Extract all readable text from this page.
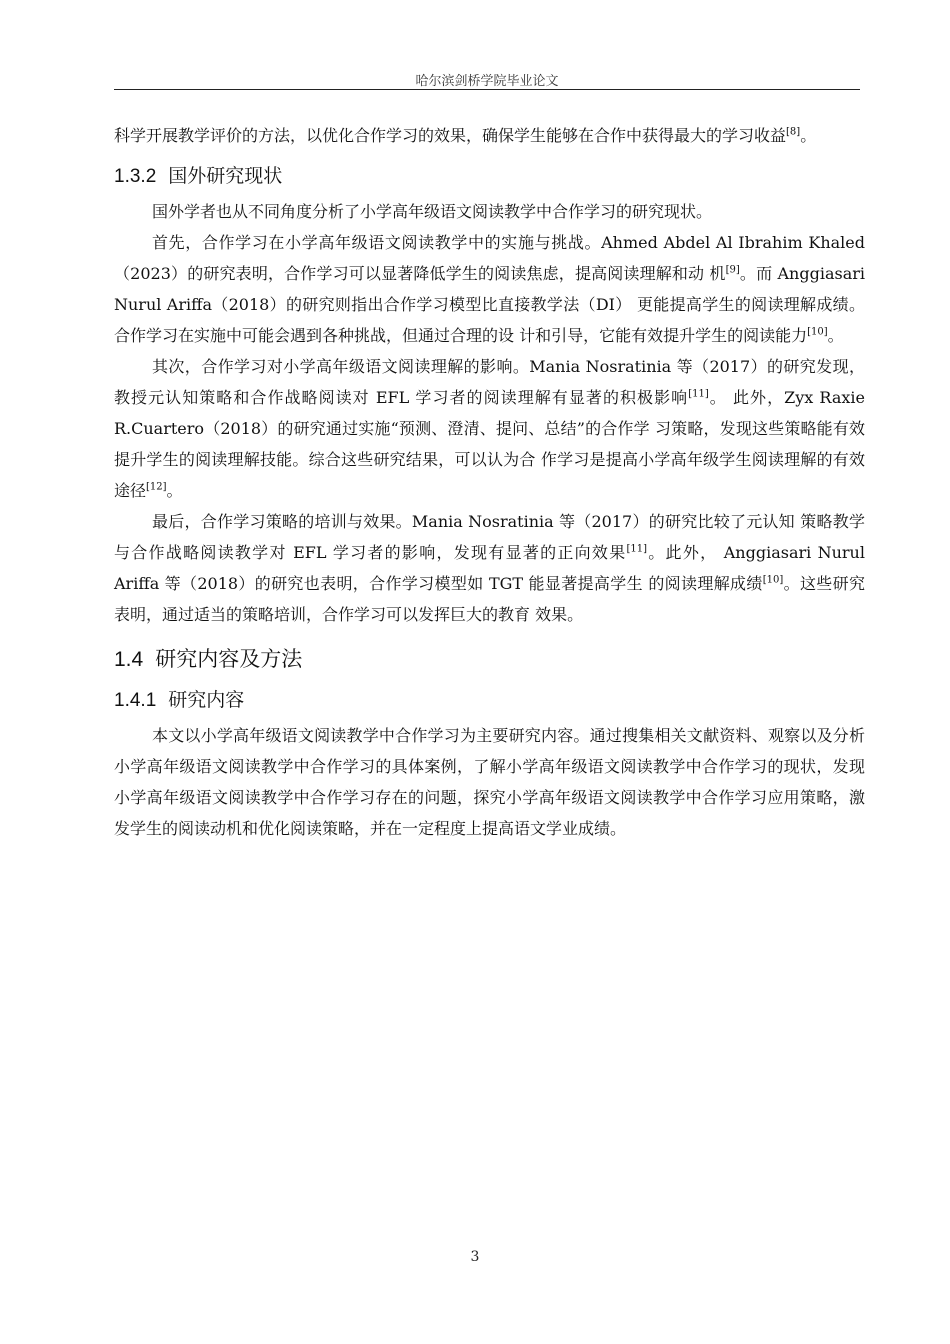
哈尔滨剑桥学院毕业论文

科学开展教学评价的方法，以优化合作学习的效果，确保学生能够在合作中获得最大的学习收益[8]。

1.3.2 国外研究现状

国外学者也从不同角度分析了小学高年级语文阅读教学中合作学习的研究现状。

首先，合作学习在小学高年级语文阅读教学中的实施与挑战。Ahmed Abdel Al Ibrahim Khaled（2023）的研究表明，合作学习可以显著降低学生的阅读焦虑，提高阅读理解和动 机[9]。而 Anggiasari Nurul Ariffa（2018）的研究则指出合作学习模型比直接教学法（DI） 更能提高学生的阅读理解成绩。合作学习在实施中可能会遇到各种挑战，但通过合理的设 计和引导，它能有效提升学生的阅读能力[10]。

其次，合作学习对小学高年级语文阅读理解的影响。Mania Nosratinia 等（2017）的研究发现，教授元认知策略和合作战略阅读对 EFL 学习者的阅读理解有显著的积极影响[11]。 此外，Zyx Raxie R.Cuartero（2018）的研究通过实施“预测、澄清、提问、总结”的合作学 习策略，发现这些策略能有效提升学生的阅读理解技能。综合这些研究结果，可以认为合 作学习是提高小学高年级学生阅读理解的有效途径[12]。

最后，合作学习策略的培训与效果。Mania Nosratinia 等（2017）的研究比较了元认知 策略教学与合作战略阅读教学对 EFL 学习者的影响，发现有显著的正向效果[11]。此外， Anggiasari Nurul Ariffa 等（2018）的研究也表明，合作学习模型如 TGT 能显著提高学生 的阅读理解成绩[10]。这些研究表明，通过适当的策略培训，合作学习可以发挥巨大的教育 效果。

1.4 研究内容及方法
1.4.1 研究内容

本文以小学高年级语文阅读教学中合作学习为主要研究内容。通过搜集相关文献资料、观察以及分析小学高年级语文阅读教学中合作学习的具体案例，了解小学高年级语文阅读教学中合作学习的现状，发现小学高年级语文阅读教学中合作学习存在的问题，探究小学高年级语文阅读教学中合作学习应用策略，激发学生的阅读动机和优化阅读策略，并在一定程度上提高语文学业成绩。

3
